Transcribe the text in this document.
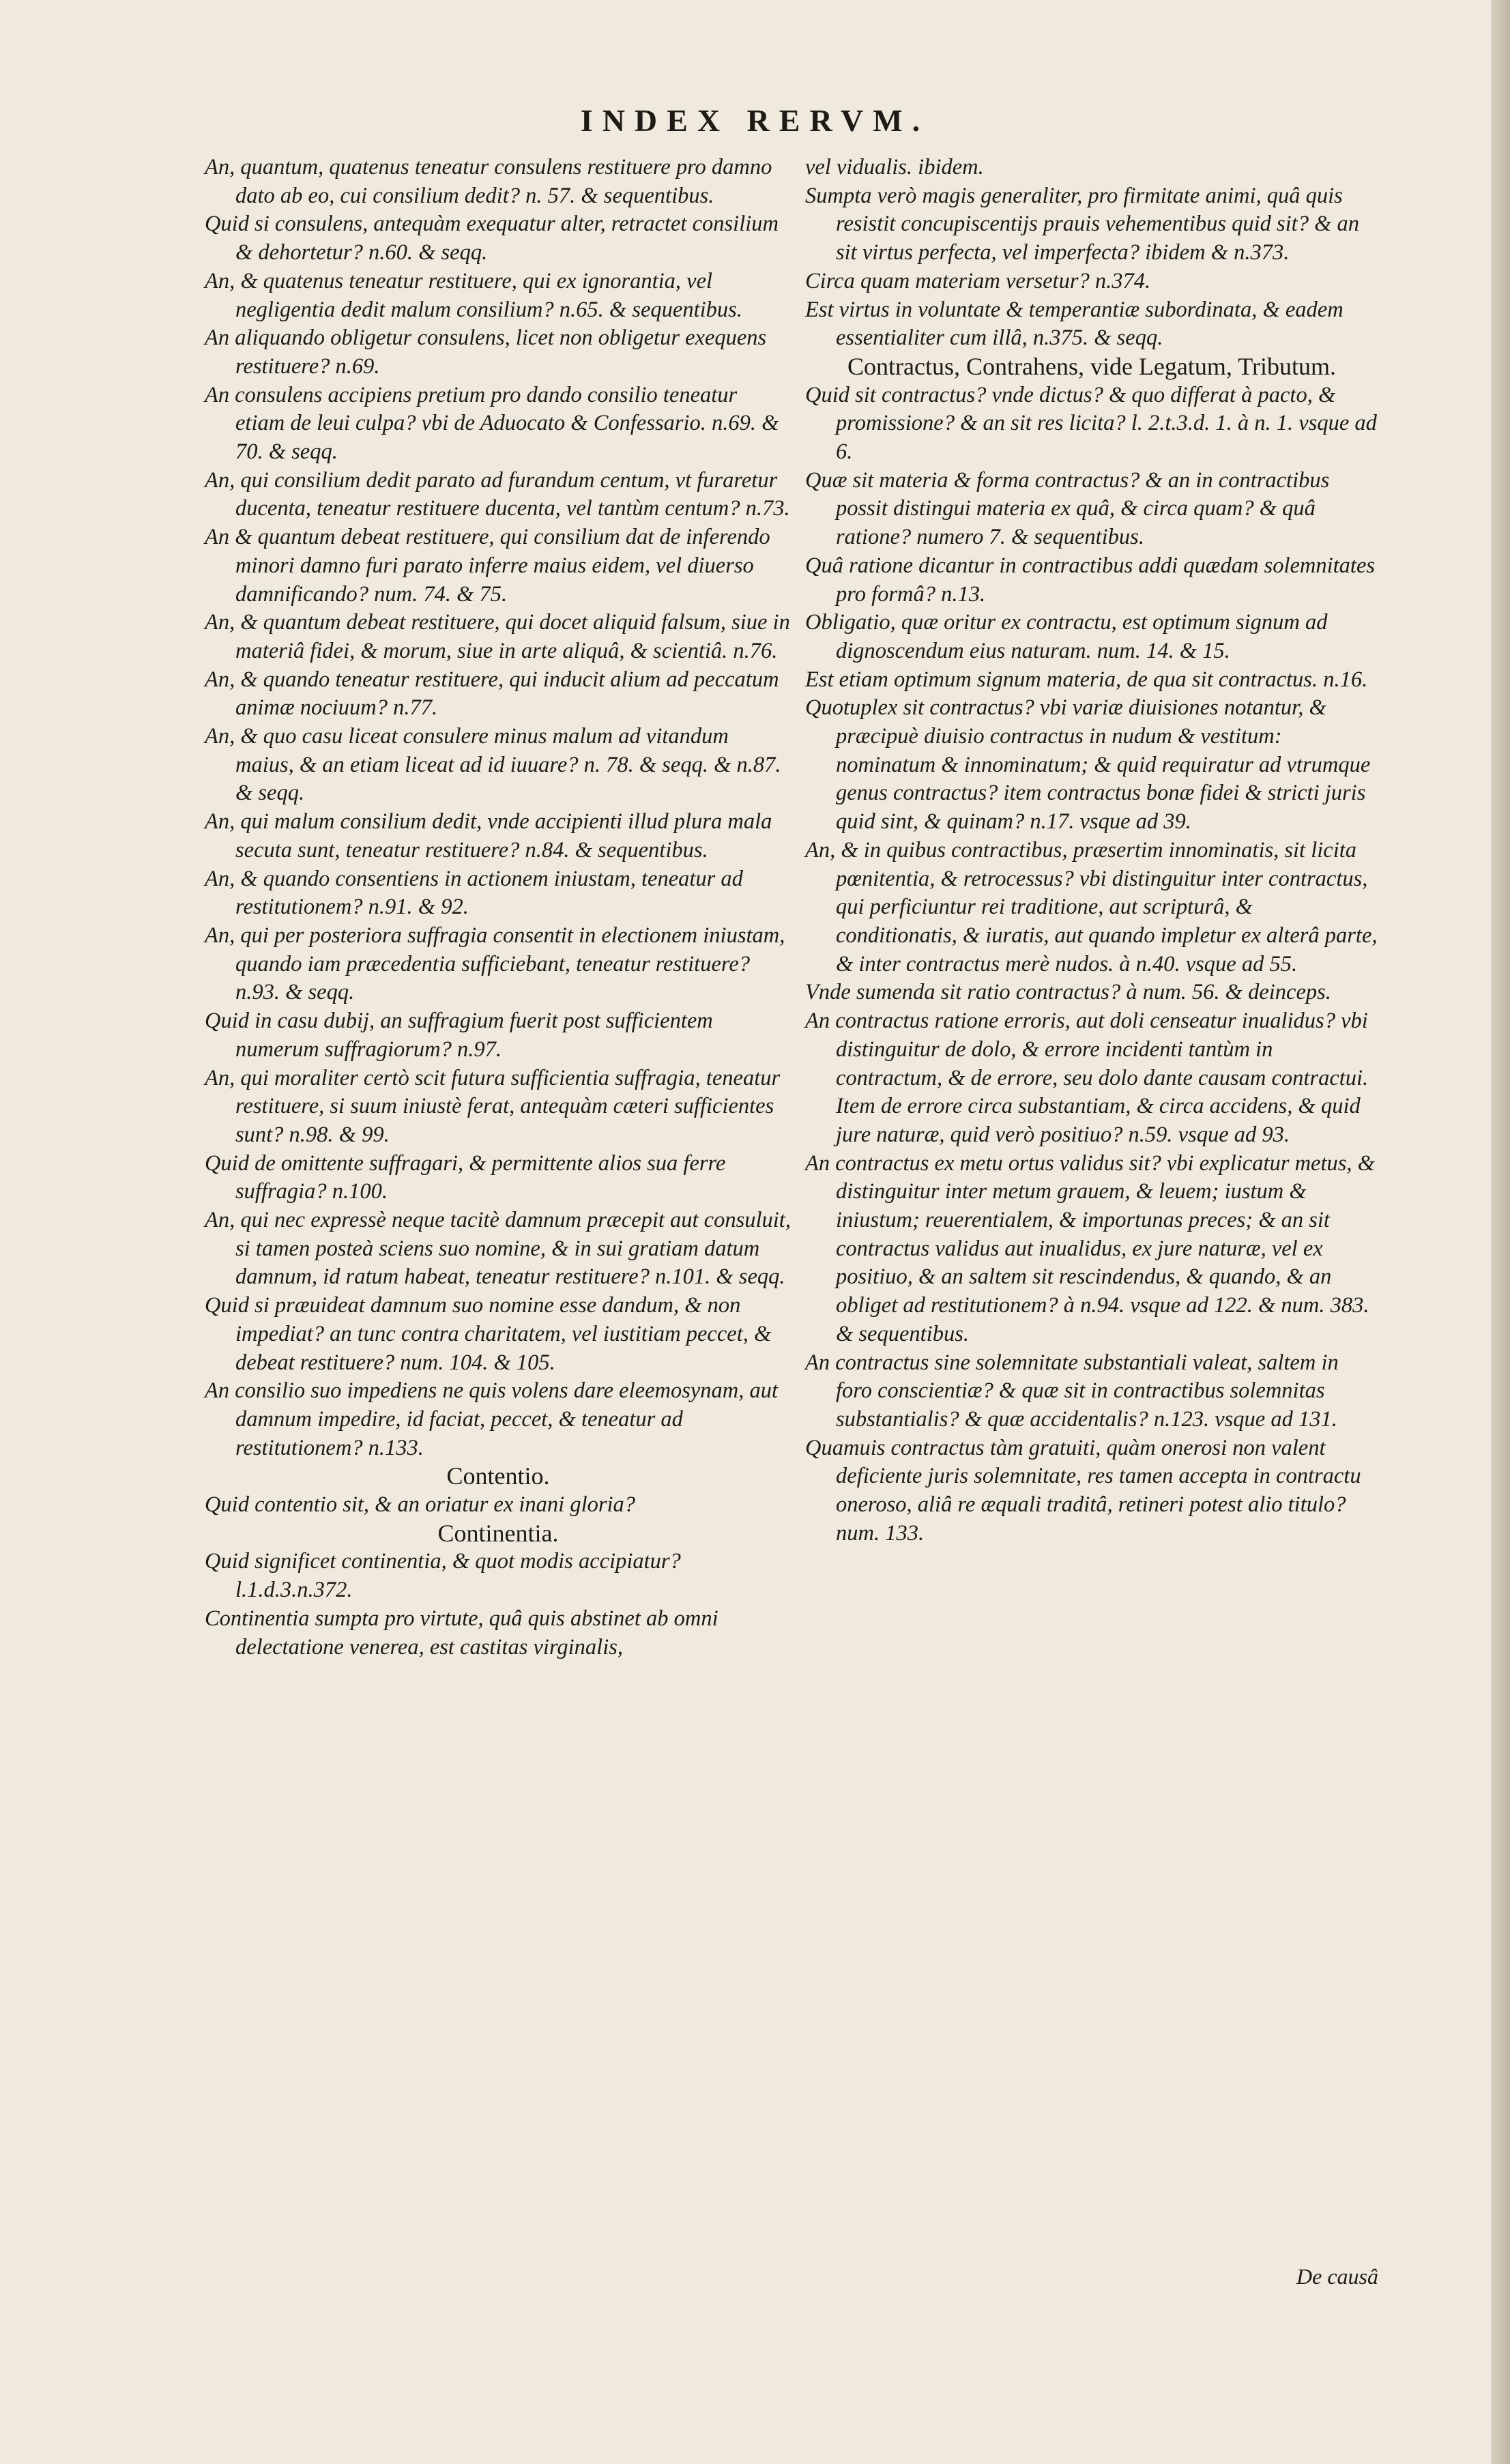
INDEX RERVM.

An, quantum, quatenus teneatur consulens restituere pro damno dato ab eo, cui consilium dedit? n. 57. & sequentibus.

Quid si consulens, antequàm exequatur alter, retractet consilium & dehortetur? n.60. & seqq.

An, & quatenus teneatur restituere, qui ex ignorantia, vel negligentia dedit malum consilium? n.65. & sequentibus.

An aliquando obligetur consulens, licet non obligetur exequens restituere? n.69.

An consulens accipiens pretium pro dando consilio teneatur etiam de leui culpa? vbi de Aduocato & Confessario. n.69. & 70. & seqq.

An, qui consilium dedit parato ad furandum centum, vt furaretur ducenta, teneatur restituere ducenta, vel tantùm centum? n.73.

An & quantum debeat restituere, qui consilium dat de inferendo minori damno furi parato inferre maius eidem, vel diuerso damnificando? num. 74. & 75.

An, & quantum debeat restituere, qui docet aliquid falsum, siue in materiâ fidei, & morum, siue in arte aliquâ, & scientiâ. n.76.

An, & quando teneatur restituere, qui inducit alium ad peccatum animæ nociuum? n.77.

An, & quo casu liceat consulere minus malum ad vitandum maius, & an etiam liceat ad id iuuare? n. 78. & seqq. & n.87. & seqq.

An, qui malum consilium dedit, vnde accipienti illud plura mala secuta sunt, teneatur restituere? n.84. & sequentibus.

An, & quando consentiens in actionem iniustam, teneatur ad restitutionem? n.91. & 92.

An, qui per posteriora suffragia consentit in electionem iniustam, quando iam præcedentia sufficiebant, teneatur restituere? n.93. & seqq.

Quid in casu dubij, an suffragium fuerit post sufficientem numerum suffragiorum? n.97.

An, qui moraliter certò scit futura sufficientia suffragia, teneatur restituere, si suum iniustè ferat, antequàm cæteri sufficientes sunt? n.98. & 99.

Quid de omittente suffragari, & permittente alios sua ferre suffragia? n.100.

An, qui nec expressè neque tacitè damnum præcepit aut consuluit, si tamen posteà sciens suo nomine, & in sui gratiam datum damnum, id ratum habeat, teneatur restituere? n.101. & seqq.

Quid si præuideat damnum suo nomine esse dandum, & non impediat? an tunc contra charitatem, vel iustitiam peccet, & debeat restituere? num. 104. & 105.

An consilio suo impediens ne quis volens dare eleemosynam, aut damnum impedire, id faciat, peccet, & teneatur ad restitutionem? n.133.

Contentio.

Quid contentio sit, & an oriatur ex inani gloria?

Continentia.

Quid significet continentia, & quot modis accipiatur? l.1.d.3.n.372.

Continentia sumpta pro virtute, quâ quis abstinet ab omni delectatione venerea, est castitas virginalis,

vel vidualis. ibidem.

Sumpta verò magis generaliter, pro firmitate animi, quâ quis resistit concupiscentijs prauis vehementibus quid sit? & an sit virtus perfecta, vel imperfecta? ibidem & n.373.

Circa quam materiam versetur? n.374.

Est virtus in voluntate & temperantiæ subordinata, & eadem essentialiter cum illâ, n.375. & seqq.

Contractus, Contrahens, vide Legatum, Tributum.

Quid sit contractus? vnde dictus? & quo differat à pacto, & promissione? & an sit res licita? l. 2.t.3.d. 1. à n. 1. vsque ad 6.

Quæ sit materia & forma contractus? & an in contractibus possit distingui materia ex quâ, & circa quam? & quâ ratione? numero 7. & sequentibus.

Quâ ratione dicantur in contractibus addi quædam solemnitates pro formâ? n.13.

Obligatio, quæ oritur ex contractu, est optimum signum ad dignoscendum eius naturam. num. 14. & 15.

Est etiam optimum signum materia, de qua sit contractus. n.16.

Quotuplex sit contractus? vbi variæ diuisiones notantur, & præcipuè diuisio contractus in nudum & vestitum: nominatum & innominatum; & quid requiratur ad vtrumque genus contractus? item contractus bonæ fidei & stricti juris quid sint, & quinam? n.17. vsque ad 39.

An, & in quibus contractibus, præsertim innominatis, sit licita pœnitentia, & retrocessus? vbi distinguitur inter contractus, qui perficiuntur rei traditione, aut scripturâ, & conditionatis, & iuratis, aut quando impletur ex alterâ parte, & inter contractus merè nudos. à n.40. vsque ad 55.

Vnde sumenda sit ratio contractus? à num. 56. & deinceps.

An contractus ratione erroris, aut doli censeatur inualidus? vbi distinguitur de dolo, & errore incidenti tantùm in contractum, & de errore, seu dolo dante causam contractui. Item de errore circa substantiam, & circa accidens, & quid jure naturæ, quid verò positiuo? n.59. vsque ad 93.

An contractus ex metu ortus validus sit? vbi explicatur metus, & distinguitur inter metum grauem, & leuem; iustum & iniustum; reuerentialem, & importunas preces; & an sit contractus validus aut inualidus, ex jure naturæ, vel ex positiuo, & an saltem sit rescindendus, & quando, & an obliget ad restitutionem? à n.94. vsque ad 122. & num. 383. & sequentibus.

An contractus sine solemnitate substantiali valeat, saltem in foro conscientiæ? & quæ sit in contractibus solemnitas substantialis? & quæ accidentalis? n.123. vsque ad 131.

Quamuis contractus tàm gratuiti, quàm onerosi non valent deficiente juris solemnitate, res tamen accepta in contractu oneroso, aliâ re æquali traditâ, retineri potest alio titulo? num. 133.

De causâ
